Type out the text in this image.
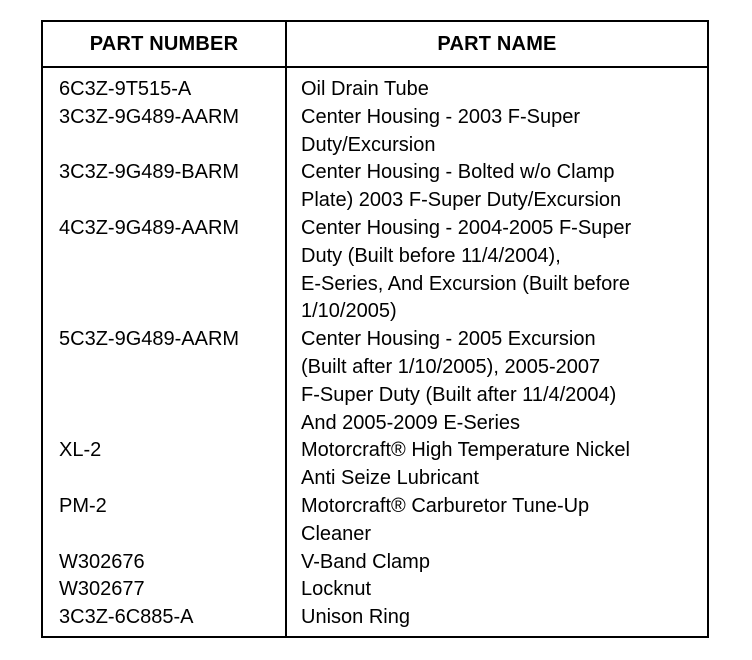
PART NUMBER	PART NAME
6C3Z-9T515-A	Oil Drain Tube
3C3Z-9G489-AARM	Center Housing - 2003 F-Super
Duty/Excursion
3C3Z-9G489-BARM	Center Housing - Bolted w/o Clamp
Plate) 2003 F-Super Duty/Excursion
4C3Z-9G489-AARM	Center Housing - 2004-2005 F-Super
Duty (Built before 11/4/2004),
E-Series, And Excursion (Built before
1/10/2005)
5C3Z-9G489-AARM	Center Housing - 2005 Excursion
(Built after 1/10/2005), 2005-2007
F-Super Duty (Built after 11/4/2004)
And 2005-2009 E-Series
XL-2	Motorcraft® High Temperature Nickel
Anti Seize Lubricant
PM-2	Motorcraft® Carburetor Tune-Up
Cleaner
W302676	V-Band Clamp
W302677	Locknut
3C3Z-6C885-A	Unison Ring
